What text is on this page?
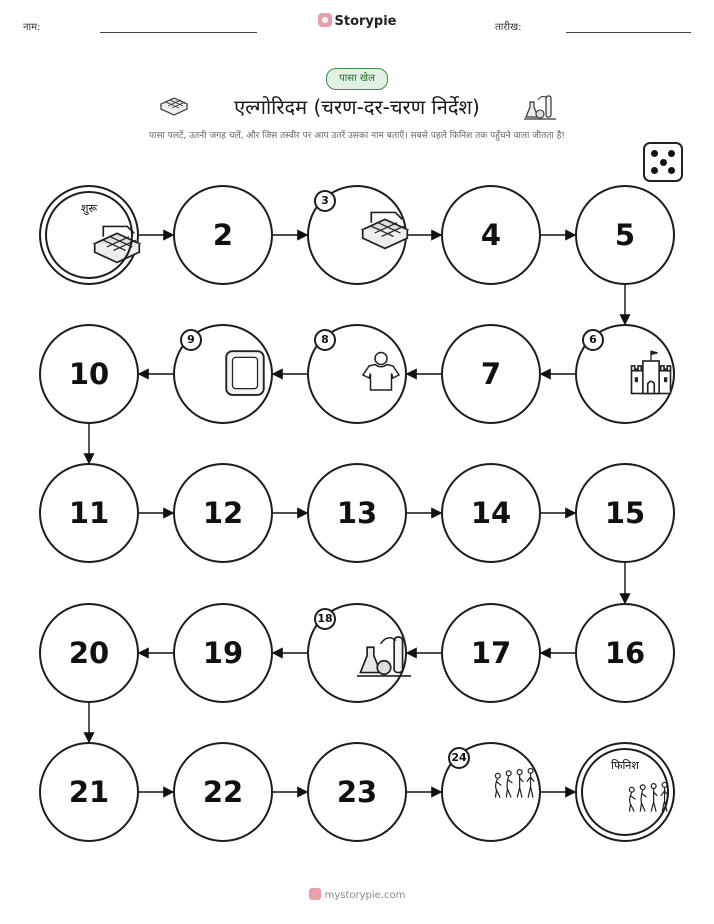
नाम:	Storypie	तारीख:
पासा खेल
एल्गोरिदम (चरण-दर-चरण निर्देश)
पासा पलटें, उतनी जगह चलें, और जिस तस्वीर पर आप उतरें उसका नाम बताएँ। सबसे पहले फिनिश तक पहुँचने वाला जीतता है!
शुरू
2
3
4	5
6
7
8
9
10
11	12	13	14	15
16
17
18
19
20
21	22	23
24
फिनिश
mystorypie.com
